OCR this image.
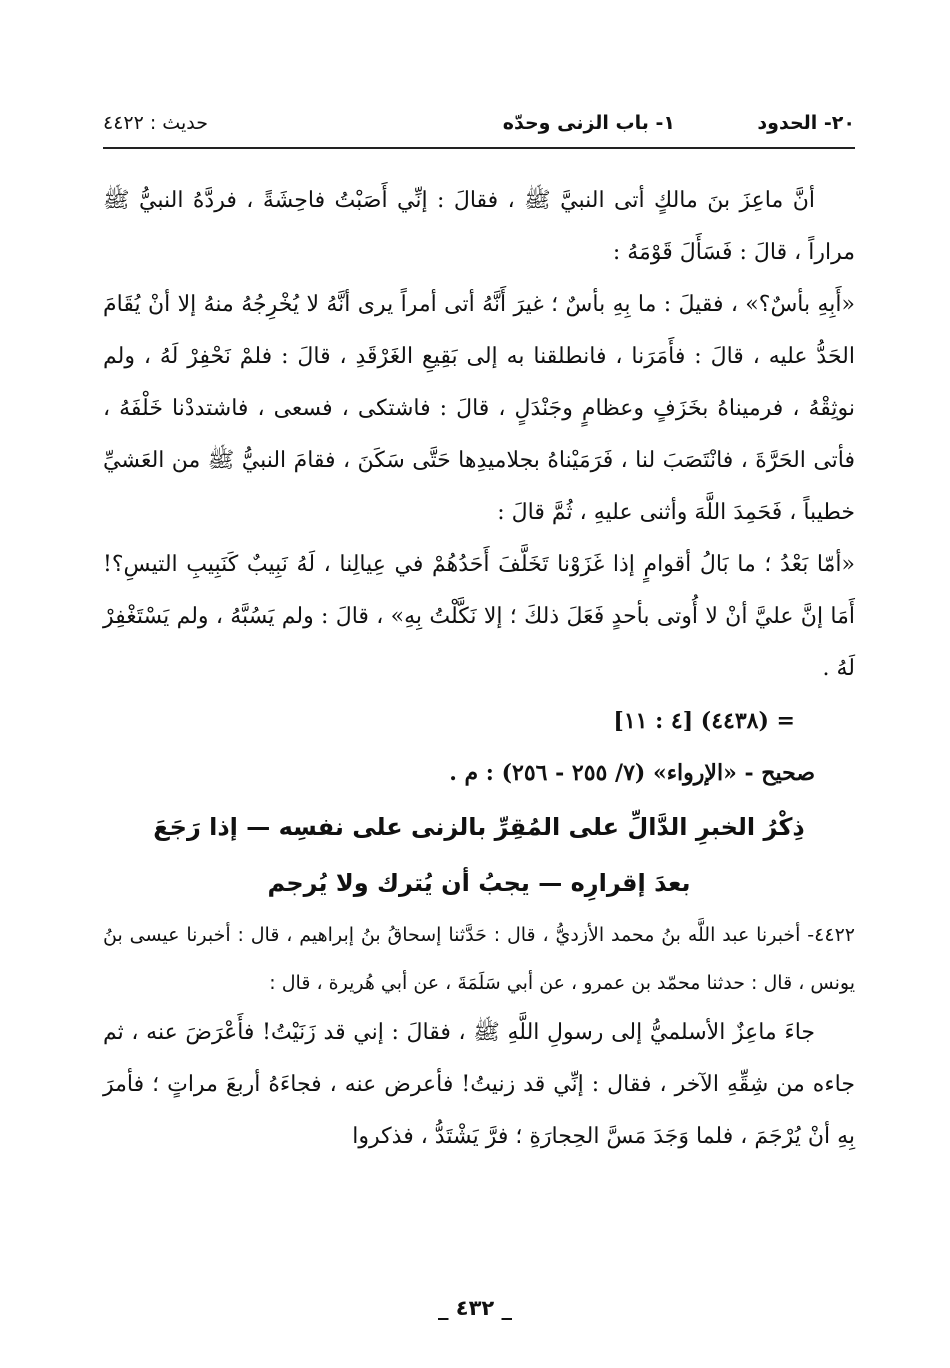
٢٠- الحدود
١- باب الزنى وحدّه
حديث : ٤٤٢٢

أنَّ ماعِزَ بنَ مالكٍ أتى النبيَّ ﷺ ، فقالَ : إنِّي أَصَبْتُ فاحِشَةً ، فردَّهُ النبيُّ ﷺ مراراً ، قالَ : فَسَأَلَ قَوْمَهُ :

«أَبِهِ بأسٌ؟» ، فقيلَ : ما بِهِ بأسٌ ؛ غيرَ أَنَّهُ أتى أمراً يرى أنَّهُ لا يُخْرِجُهُ منهُ إلا أنْ يُقَامَ الحَدُّ عليه ، قالَ : فأَمَرَنا ، فانطلقنا به إلى بَقِيعِ الغَرْقَدِ ، قالَ : فلمْ نَحْفِرْ لَهُ ، ولم نوثِقْهُ ، فرميناهُ بخَزَفٍ وعظامٍ وجَنْدَلٍ ، قالَ : فاشتكى ، فسعى ، فاشتددْنا خَلْفَهُ ، فأتى الحَرَّةَ ، فانْتَصَبَ لنا ، فَرَمَيْناهُ بجلاميدِها حَتَّى سَكَنَ ، فقامَ النبيُّ ﷺ من العَشيِّ خطيباً ، فَحَمِدَ اللَّهَ وأثنى عليهِ ، ثُمَّ قالَ :

«أمّا بَعْدُ ؛ ما بَالُ أقوامٍ إذا غَزَوْنا تَخَلَّفَ أَحَدُهُمْ في عِيالِنا ، لَهُ نَبِيبٌ كَنَبِيبِ التيسِ؟! أَمَا إنَّ عليَّ أنْ لا أُوتى بأحدٍ فَعَلَ ذلكَ ؛ إلا نَكَّلْتُ بِهِ» ، قالَ : ولم يَسُبَّهُ ، ولم يَسْتَغْفِرْ لَهُ .

= (٤٤٣٨) [٤ : ١١]

صحيح - «الإرواء» (٧/ ٢٥٥ - ٢٥٦) : م .

ذِكْرُ الخبرِ الدَّالِّ على المُقِرِّ بالزنى على نفسِه — إذا رَجَعَ

بعدَ إقرارِه — يجبُ أن يُترك ولا يُرجم

٤٤٢٢- أخبرنا عبد اللَّه بنُ محمد الأزديُّ ، قال : حَدَّثنا إسحاقُ بنُ إبراهيم ، قال : أخبرنا عيسى بنُ يونس ، قال : حدثنا محمّد بن عمرو ، عن أبي سَلَمَةَ ، عن أبي هُريرة ، قال :

جاءَ ماعِزٌ الأسلميُّ إلى رسولِ اللَّهِ ﷺ ، فقالَ : إني قد زَنَيْتُ! فأَعْرَضَ عنه ، ثم جاءه من شِقِّهِ الآخر ، فقال : إنِّي قد زنيتُ! فأعرض عنه ، فجاءَهُ أربعَ مراتٍ ؛ فأمرَ بِهِ أنْ يُرْجَمَ ، فلما وَجَدَ مَسَّ الحِجارَةِ ؛ فرَّ يَشْتَدُّ ، فذكروا

_ ٤٣٢ _
